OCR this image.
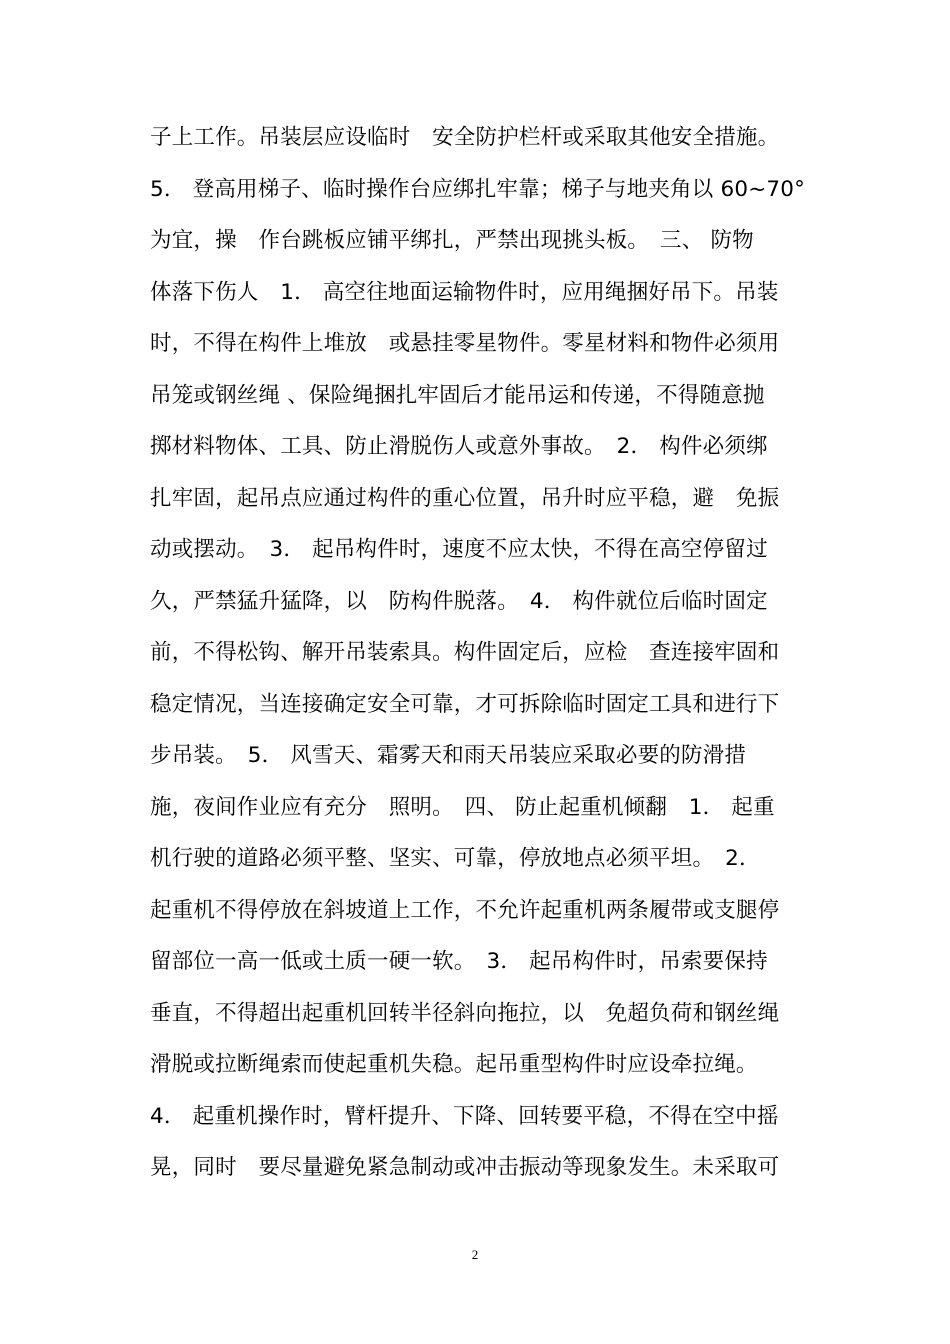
子上工作。吊装层应设临时　安全防护栏杆或采取其他安全措施。
5． 登高用梯子、临时操作台应绑扎牢靠；梯子与地夹角以 60~70°
为宜，操　作台跳板应铺平绑扎，严禁出现挑头板。　三、 防物
体落下伤人　1． 高空往地面运输物件时，应用绳捆好吊下。吊装
时，不得在构件上堆放　或悬挂零星物件。零星材料和物件必须用
吊笼或钢丝绳 、保险绳捆扎牢固后才能吊运和传递，不得随意抛
掷材料物体、工具、防止滑脱伤人或意外事故。　2． 构件必须绑
扎牢固，起吊点应通过构件的重心位置，吊升时应平稳，避　免振
动或摆动。　3． 起吊构件时，速度不应太快，不得在高空停留过
久，严禁猛升猛降，以　防构件脱落。　4． 构件就位后临时固定
前，不得松钩、解开吊装索具。构件固定后，应检　查连接牢固和
稳定情况，当连接确定安全可靠，才可拆除临时固定工具和进行下
步吊装。　5． 风雪天、霜雾天和雨天吊装应采取必要的防滑措
施，夜间作业应有充分　照明。　四、 防止起重机倾翻　1． 起重
机行驶的道路必须平整、坚实、可靠，停放地点必须平坦。　2．
起重机不得停放在斜坡道上工作，不允许起重机两条履带或支腿停
留部位一高一低或土质一硬一软。　3． 起吊构件时，吊索要保持
垂直，不得超出起重机回转半径斜向拖拉，以　免超负荷和钢丝绳
滑脱或拉断绳索而使起重机失稳。起吊重型构件时应设牵拉绳。
4． 起重机操作时，臂杆提升、下降、回转要平稳，不得在空中摇
晃，同时　要尽量避免紧急制动或冲击振动等现象发生。未采取可
2
